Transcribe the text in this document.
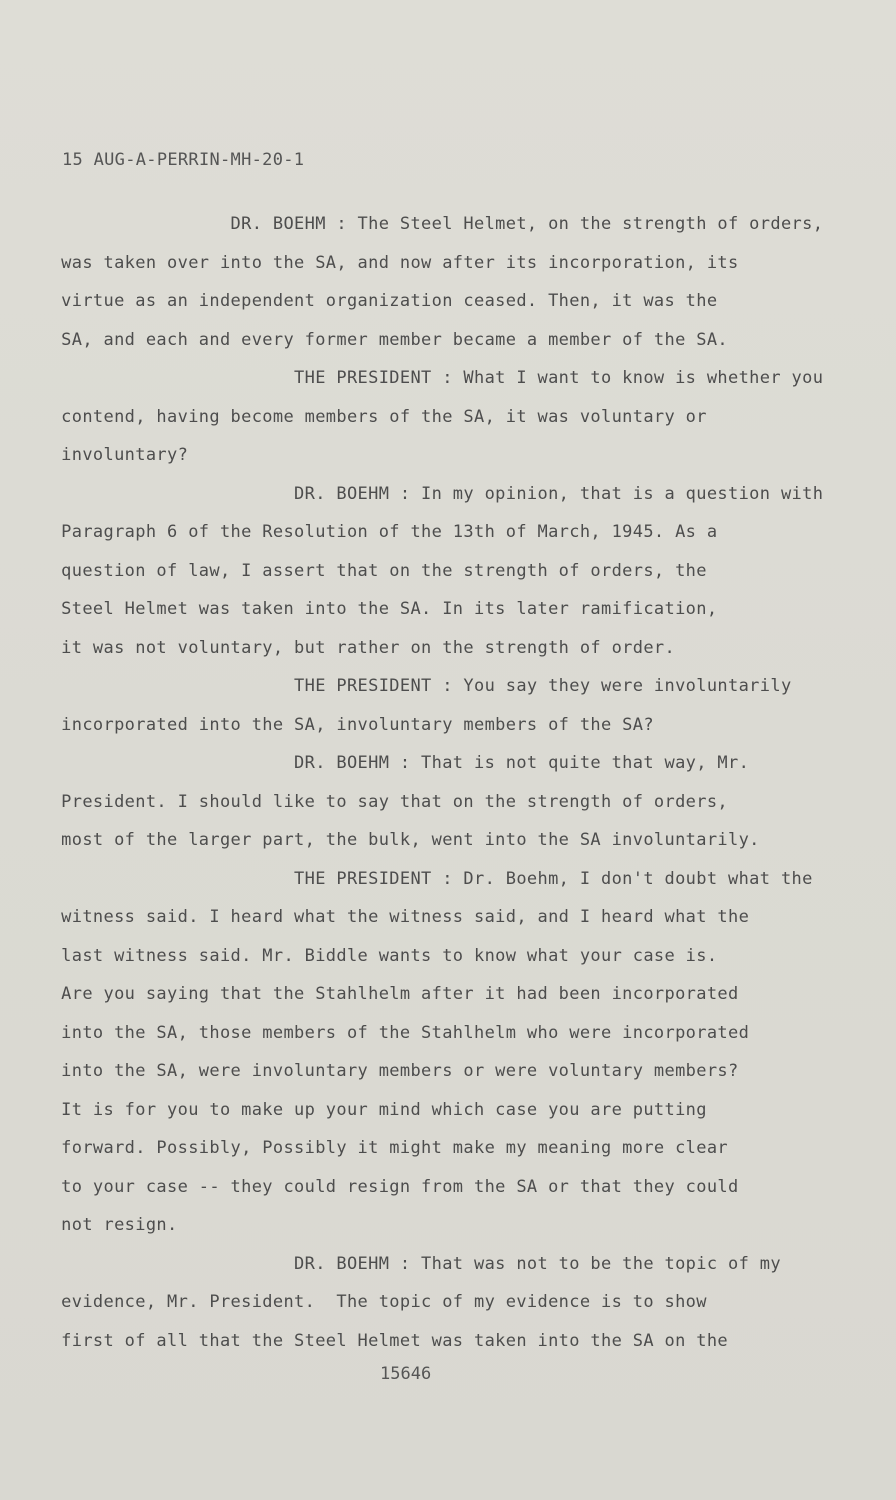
15 AUG-A-PERRIN-MH-20-1
DR. BOEHM : The Steel Helmet, on the strength of orders,
was taken over into the SA, and now after its incorporation, its
virtue as an independent organization ceased. Then, it was the
SA, and each and every former member became a member of the SA.
THE PRESIDENT : What I want to know is whether you
contend, having become members of the SA, it was voluntary or
involuntary?
DR. BOEHM : In my opinion, that is a question with
Paragraph 6 of the Resolution of the 13th of March, 1945. As a
question of law, I assert that on the strength of orders, the
Steel Helmet was taken into the SA. In its later ramification,
it was not voluntary, but rather on the strength of order.
THE PRESIDENT : You say they were involuntarily
incorporated into the SA, involuntary members of the SA?
DR. BOEHM : That is not quite that way, Mr.
President. I should like to say that on the strength of orders,
most of the larger part, the bulk, went into the SA involuntarily.
THE PRESIDENT : Dr. Boehm, I don't doubt what the
witness said. I heard what the witness said, and I heard what the
last witness said. Mr. Biddle wants to know what your case is.
Are you saying that the Stahlhelm after it had been incorporated
into the SA, those members of the Stahlhelm who were incorporated
into the SA, were involuntary members or were voluntary members?
It is for you to make up your mind which case you are putting
forward. Possibly, Possibly it might make my meaning more clear
to your case -- they could resign from the SA or that they could
not resign.
DR. BOEHM : That was not to be the topic of my
evidence, Mr. President.  The topic of my evidence is to show
first of all that the Steel Helmet was taken into the SA on the
15646
